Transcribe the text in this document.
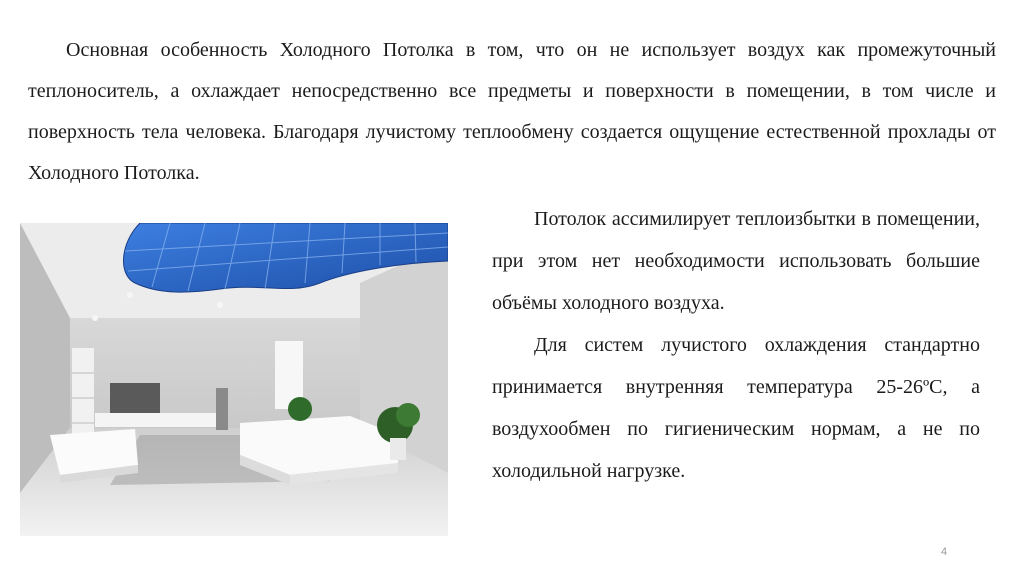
Основная особенность Холодного Потолка в том, что он не использует воздух как промежуточный теплоноситель, а охлаждает непосредственно все предметы и поверхности в помещении, в том числе и поверхность тела человека. Благодаря лучистому теплообмену создается ощущение естественной прохлады от Холодного Потолка.

Потолок ассимилирует теплоизбытки в помещении, при этом нет необходимости использовать большие объёмы холодного воздуха.

Для систем лучистого охлаждения стандартно принимается внутренняя температура 25-26ºС, а воздухообмен по гигиеническим нормам, а не по холодильной нагрузке.

4
